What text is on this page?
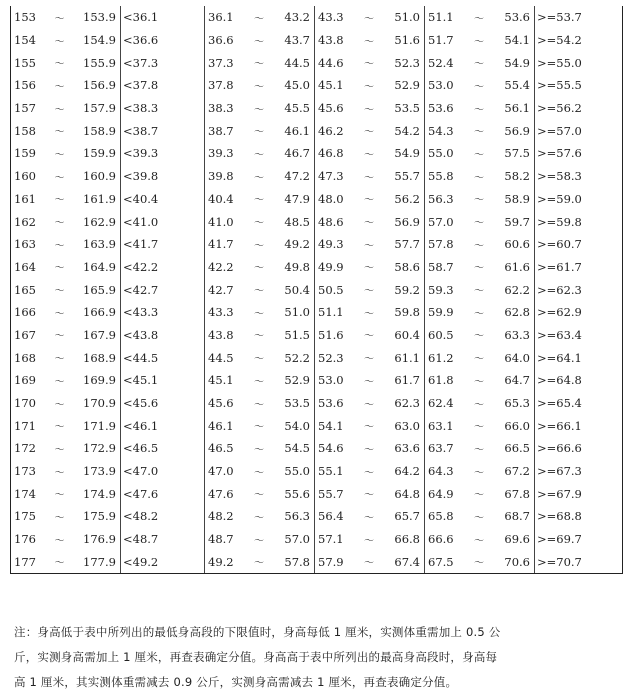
153 ～ 153.9	<36.1	36.1 ～ 43.2	43.3 ～ 51.0	51.1 ～ 53.6	>=53.7

154 ～ 154.9	<36.6	36.6 ～ 43.7	43.8 ～ 51.6	51.7 ～ 54.1	>=54.2

155 ～ 155.9	<37.3	37.3 ～ 44.5	44.6 ～ 52.3	52.4 ～ 54.9	>=55.0

156 ～ 156.9	<37.8	37.8 ～ 45.0	45.1 ～ 52.9	53.0 ～ 55.4	>=55.5

157 ～ 157.9	<38.3	38.3 ～ 45.5	45.6 ～ 53.5	53.6 ～ 56.1	>=56.2

158 ～ 158.9	<38.7	38.7 ～ 46.1	46.2 ～ 54.2	54.3 ～ 56.9	>=57.0

159 ～ 159.9	<39.3	39.3 ～ 46.7	46.8 ～ 54.9	55.0 ～ 57.5	>=57.6

160 ～ 160.9	<39.8	39.8 ～ 47.2	47.3 ～ 55.7	55.8 ～ 58.2	>=58.3

161 ～ 161.9	<40.4	40.4 ～ 47.9	48.0 ～ 56.2	56.3 ～ 58.9	>=59.0

162 ～ 162.9	<41.0	41.0 ～ 48.5	48.6 ～ 56.9	57.0 ～ 59.7	>=59.8

163 ～ 163.9	<41.7	41.7 ～ 49.2	49.3 ～ 57.7	57.8 ～ 60.6	>=60.7

164 ～ 164.9	<42.2	42.2 ～ 49.8	49.9 ～ 58.6	58.7 ～ 61.6	>=61.7

165 ～ 165.9	<42.7	42.7 ～ 50.4	50.5 ～ 59.2	59.3 ～ 62.2	>=62.3

166 ～ 166.9	<43.3	43.3 ～ 51.0	51.1 ～ 59.8	59.9 ～ 62.8	>=62.9

167 ～ 167.9	<43.8	43.8 ～ 51.5	51.6 ～ 60.4	60.5 ～ 63.3	>=63.4

168 ～ 168.9	<44.5	44.5 ～ 52.2	52.3 ～ 61.1	61.2 ～ 64.0	>=64.1

169 ～ 169.9	<45.1	45.1 ～ 52.9	53.0 ～ 61.7	61.8 ～ 64.7	>=64.8

170 ～ 170.9	<45.6	45.6 ～ 53.5	53.6 ～ 62.3	62.4 ～ 65.3	>=65.4

171 ～ 171.9	<46.1	46.1 ～ 54.0	54.1 ～ 63.0	63.1 ～ 66.0	>=66.1

172 ～ 172.9	<46.5	46.5 ～ 54.5	54.6 ～ 63.6	63.7 ～ 66.5	>=66.6

173 ～ 173.9	<47.0	47.0 ～ 55.0	55.1 ～ 64.2	64.3 ～ 67.2	>=67.3

174 ～ 174.9	<47.6	47.6 ～ 55.6	55.7 ～ 64.8	64.9 ～ 67.8	>=67.9

175 ～ 175.9	<48.2	48.2 ～ 56.3	56.4 ～ 65.7	65.8 ～ 68.7	>=68.8

176 ～ 176.9	<48.7	48.7 ～ 57.0	57.1 ～ 66.8	66.6 ～ 69.6	>=69.7

177 ～ 177.9	<49.2	49.2 ～ 57.8	57.9 ～ 67.4	67.5 ～ 70.6	>=70.7
注：身高低于表中所列出的最低身高段的下限值时，身高每低 1 厘米，实测体重需加上 0.5 公
斤，实测身高需加上 1 厘米，再查表确定分值。身高高于表中所列出的最高身高段时，身高每
高 1 厘米，其实测体重需减去 0.9 公斤，实测身高需减去 1 厘米，再查表确定分值。
